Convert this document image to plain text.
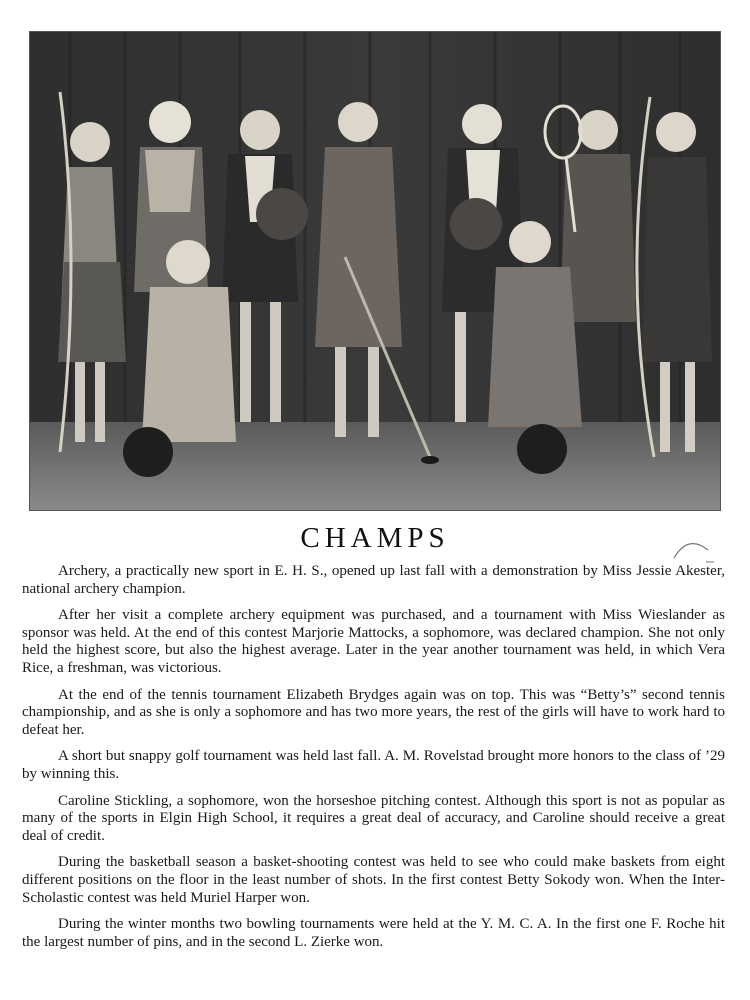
CHAMPS

Archery, a practically new sport in E. H. S., opened up last fall with a demonstration by Miss Jessie Akester, national archery champion.

After her visit a complete archery equipment was purchased, and a tournament with Miss Wieslander as sponsor was held. At the end of this contest Marjorie Mattocks, a sophomore, was declared champion. She not only held the highest score, but also the highest average. Later in the year another tournament was held, in which Vera Rice, a freshman, was victorious.

At the end of the tennis tournament Elizabeth Brydges again was on top. This was “Betty’s” second tennis championship, and as she is only a sophomore and has two more years, the rest of the girls will have to work hard to defeat her.

A short but snappy golf tournament was held last fall. A. M. Rovelstad brought more honors to the class of ’29 by winning this.

Caroline Stickling, a sophomore, won the horseshoe pitching contest. Although this sport is not as popular as many of the sports in Elgin High School, it requires a great deal of accuracy, and Caroline should receive a great deal of credit.

During the basketball season a basket-shooting contest was held to see who could make baskets from eight different positions on the floor in the least number of shots. In the first contest Betty Sokody won. When the Inter-Scholastic contest was held Muriel Harper won.

During the winter months two bowling tournaments were held at the Y. M. C. A. In the first one F. Roche hit the largest number of pins, and in the second L. Zierke won.
